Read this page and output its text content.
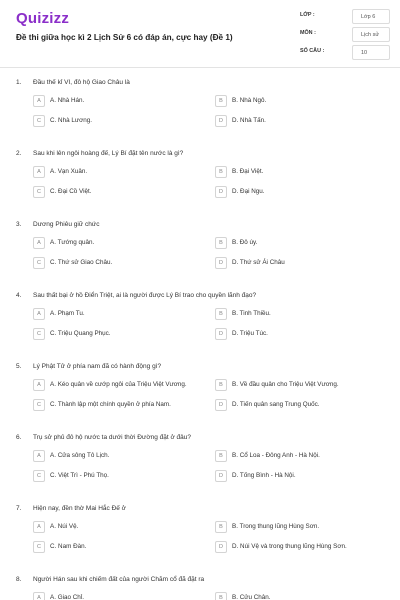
Quizizz
Đề thi giữa học kì 2 Lịch Sử 6 có đáp án, cực hay (Đề 1)
LỚP :	Lớp 6
MÔN :	Lịch sử
SỐ CÂU :	10
1. Đầu thế kỉ VI, đô hộ Giao Châu là
A	A. Nhà Hán.	B	B. Nhà Ngô.
C	C. Nhà Lương.	D	D. Nhà Tấn.
2. Sau khi lên ngôi hoàng đế, Lý Bí đặt tên nước là gì?
A	A. Vạn Xuân.	B	B. Đại Việt.
C	C. Đại Cồ Việt.	D	D. Đại Ngu.
3. Dương Phiêu giữ chức
A	A. Tướng quân.	B	B. Đô úy.
C	C. Thứ sử Giao Châu.	D	D. Thứ sử Ái Châu
4. Sau thất bại ở hồ Điển Triệt, ai là người được Lý Bí trao cho quyền lãnh đạo?
A	A. Phạm Tu.	B	B. Tinh Thiều.
C	C. Triệu Quang Phục.	D	D. Triệu Túc.
5. Lý Phật Tử ở phía nam đã có hành động gì?
A	A. Kéo quân về cướp ngôi của Triệu Việt Vương.	B	B. Về đầu quân cho Triệu Việt Vương.
C	C. Thành lập một chính quyền ở phía Nam.	D	D. Tiến quân sang Trung Quốc.
6. Trụ sở phủ đô hộ nước ta dưới thời Đường đặt ở đâu?
A	A. Cửa sông Tô Lịch.	B	B. Cổ Loa - Đông Anh - Hà Nội.
C	C. Việt Trì - Phú Thọ.	D	D. Tống Bình - Hà Nội.
7. Hiện nay, đền thờ Mai Hắc Đế ở
A	A. Núi Vệ.	B	B. Trong thung lũng Hùng Sơn.
C	C. Nam Đàn.	D	D. Núi Vệ và trong thung lũng Hùng Sơn.
8. Người Hán sau khi chiếm đất của người Chăm cổ đã đặt ra
A	A. Giao Chỉ.	B	B. Cửu Chân.
